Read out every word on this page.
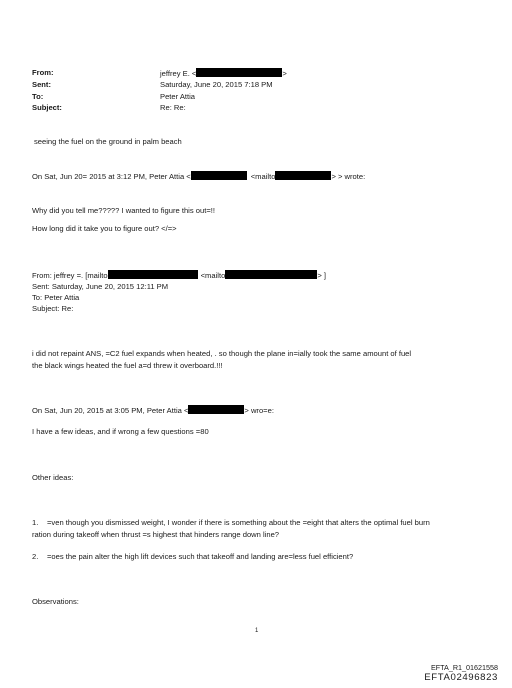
From:	jeffrey E. <	>
Sent:	Saturday, June 20, 2015 7:18 PM
To:	Peter Attia
Subject:	Re: Re:
seeing the fuel on the ground in palm beach
On Sat, Jun 20= 2015 at 3:12 PM, Peter Attia <	<mailto	> > wrote:
Why did you tell me????? I wanted to figure this out=!!
How long did it take you to figure out? </=>
From: jeffrey =. [mailto	<mailto	> ]
Sent: Saturday, June 20, 2015 12:11 PM
To: Peter Attia
Subject: Re:
i did not repaint ANS, =C2 fuel expands when heated, . so though the plane in=ially took the same amount of fuel
the black wings heated the fuel a=d threw it overboard.!!!
On Sat, Jun 20, 2015 at 3:05 PM, Peter Attia <	> wro=e:
I have a few ideas, and if wrong a few questions =80
Other ideas:
1. =ven though you dismissed weight, I wonder if there is something about the =eight that alters the optimal fuel burn
ration during takeoff when thrust =s highest that hinders range down line?
2. =oes the pain alter the high lift devices such that takeoff and landing are=less fuel efficient?
Observations:
1
EFTA_R1_01621558
EFTA02496823
